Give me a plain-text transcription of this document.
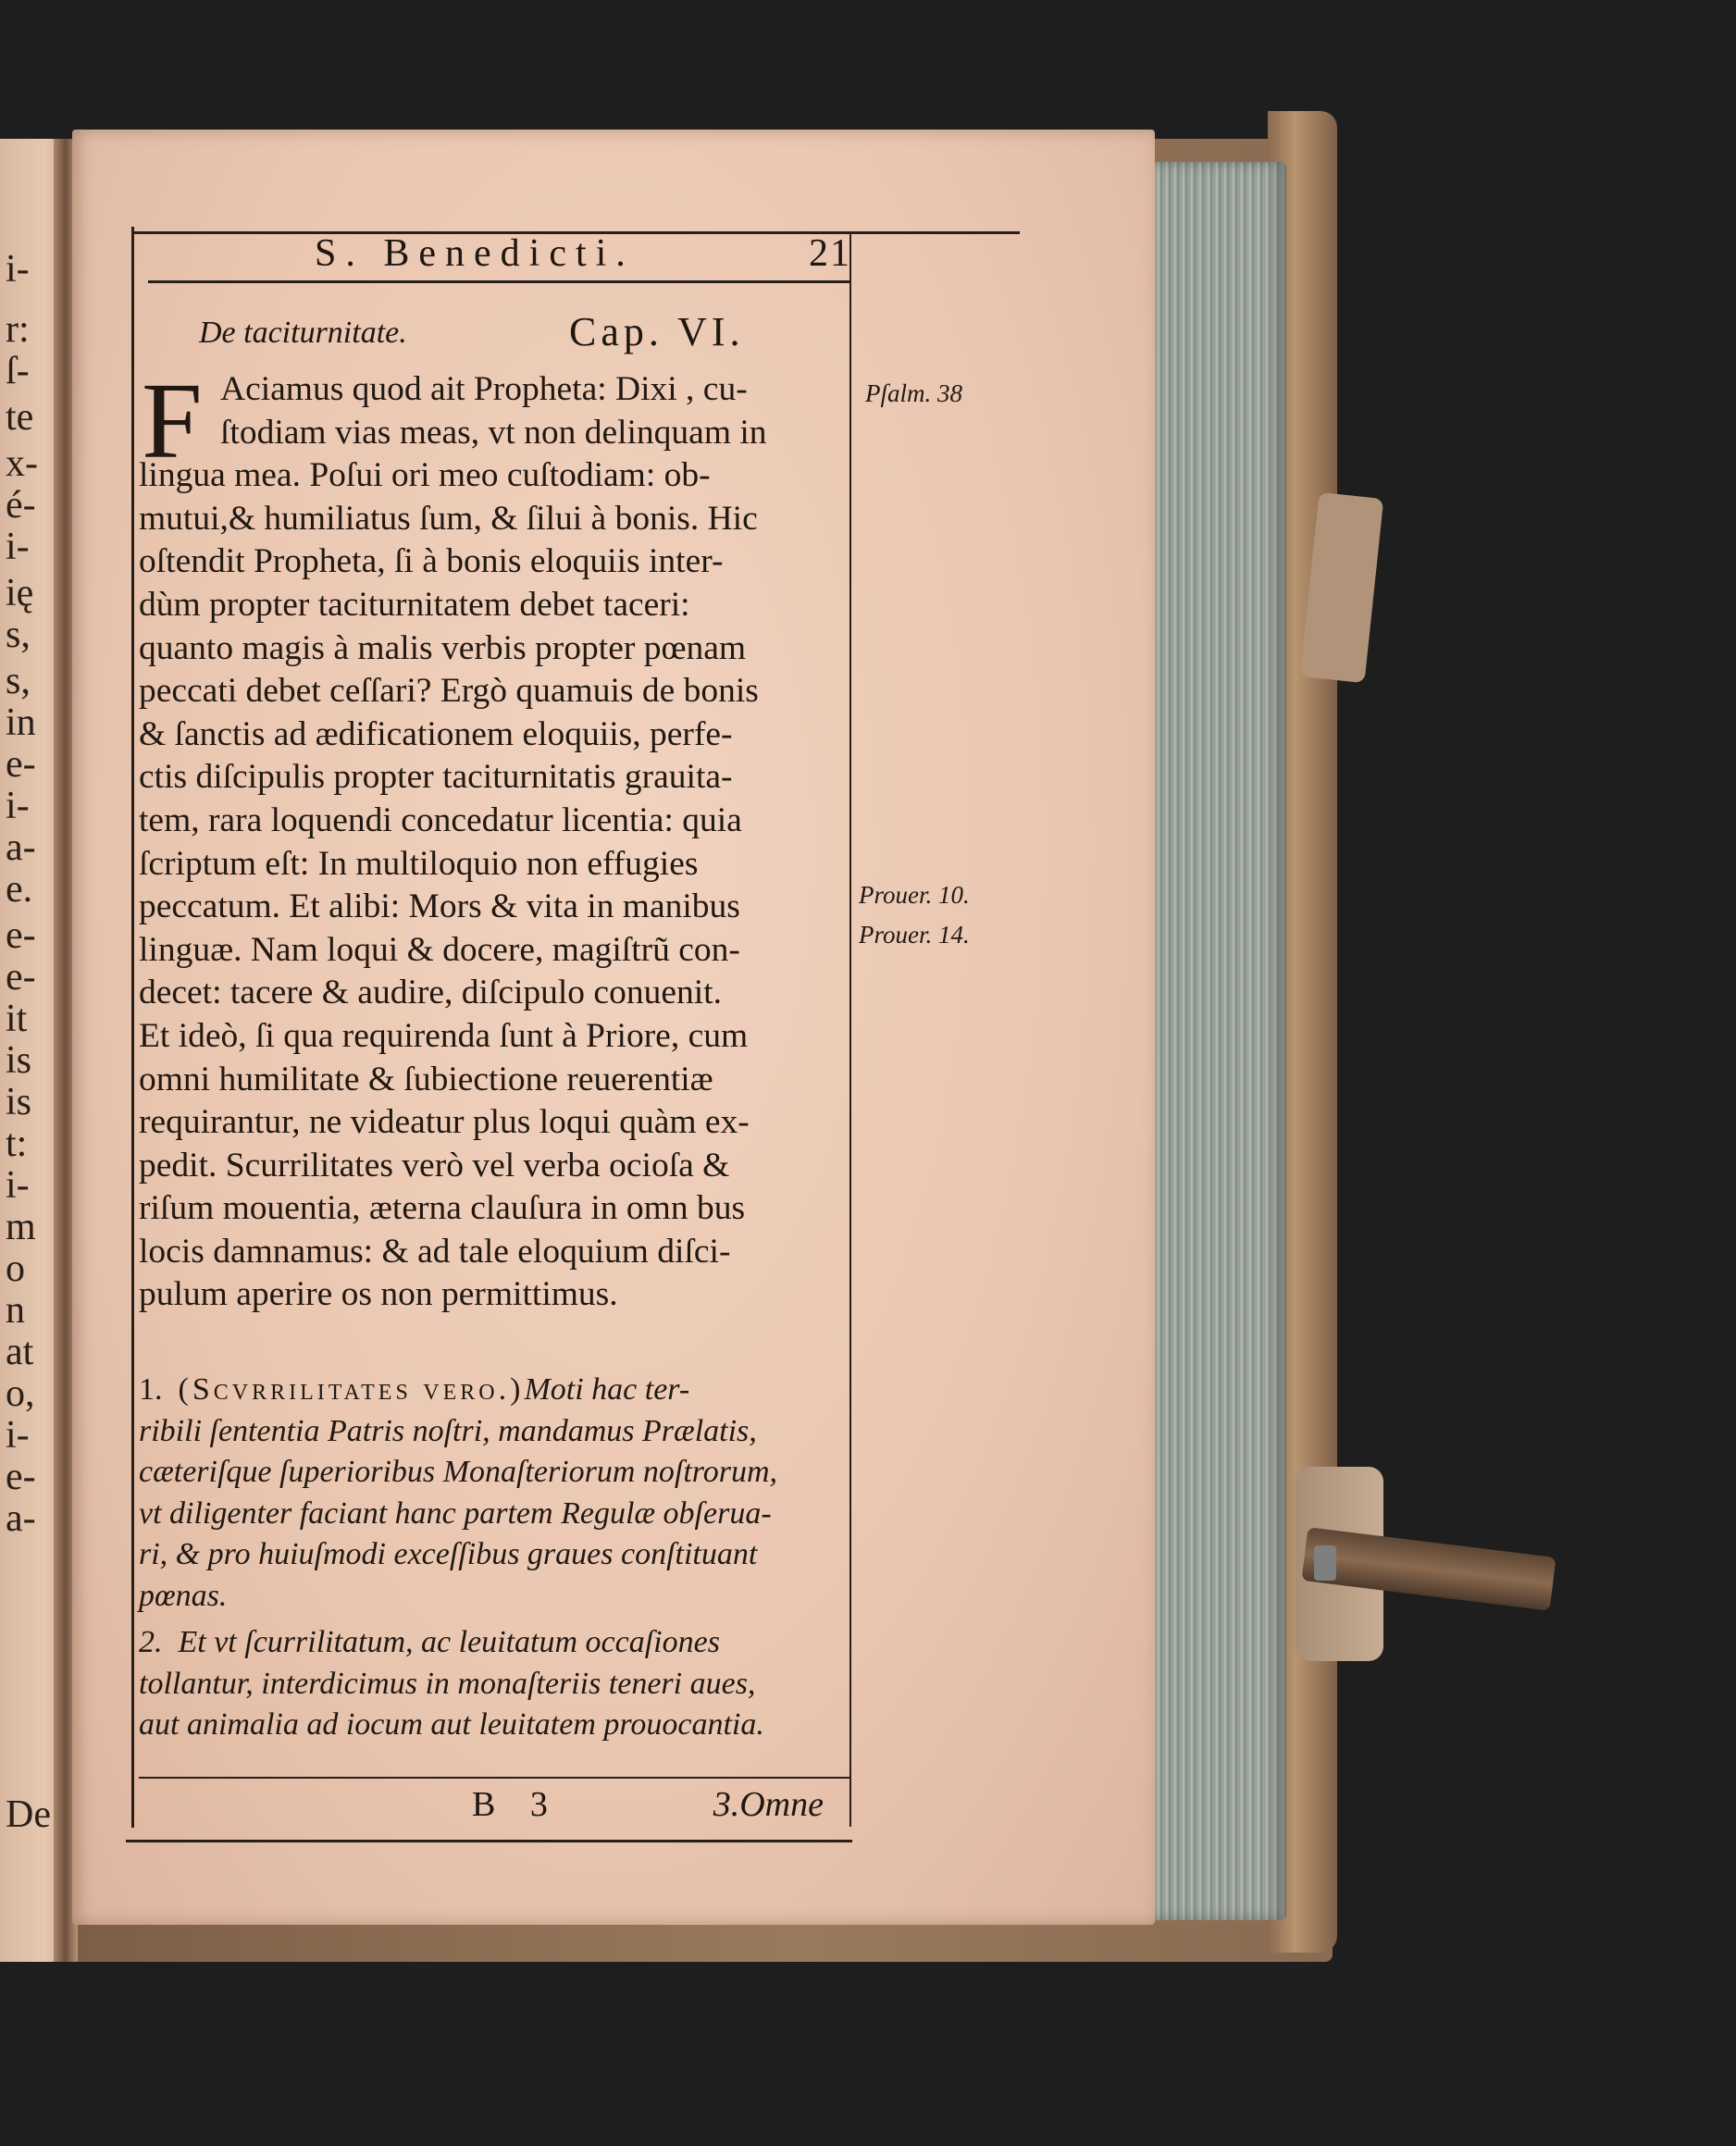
i-
r:
ſ-
te
x-
é-
i-
ię
s,
s,
in
e-
i-
a-
e.
e-
e-
it
is
is
t:
i-
m
o
n
at
o,
i-
e-
a-
De
S. Benedicti.	21
De taciturnitate.	Cap. VI.
F Aciamus quod ait Propheta: Dixi , cu-
ſtodiam vias meas, vt non delinquam in
lingua mea. Poſui ori meo cuſtodiam: ob-
mutui,& humiliatus ſum, & ſilui à bonis. Hic
oſtendit Propheta, ſi à bonis eloquiis inter-
dùm propter taciturnitatem debet taceri:
quanto magis à malis verbis propter pœnam
peccati debet ceſſari? Ergò quamuis de bonis
& ſanctis ad ædificationem eloquiis, perfe-
ctis diſcipulis propter taciturnitatis grauita-
tem, rara loquendi concedatur licentia: quia
ſcriptum eſt: In multiloquio non effugies
peccatum. Et alibi: Mors & vita in manibus
linguæ. Nam loqui & docere, magiſtrũ con-
decet: tacere & audire, diſcipulo conuenit.
Et ideò, ſi qua requirenda ſunt à Priore, cum
omni humilitate & ſubiectione reuerentiæ
requirantur, ne videatur plus loqui quàm ex-
pedit. Scurrilitates verò vel verba ocioſa &
riſum mouentia, æterna clauſura in omn bus
locis damnamus: & ad tale eloquium diſci-
pulum aperire os non permittimus.
1. (Scvrrilitates vero.)Moti hac ter-
ribili ſententia Patris noſtri, mandamus Prælatis,
cæteriſque ſuperioribus Monaſteriorum noſtrorum,
vt diligenter faciant hanc partem Regulæ obſerua-
ri, & pro huiuſmodi exceſſibus graues conſtituant
pœnas.
2. Et vt ſcurrilitatum, ac leuitatum occaſiones
tollantur, interdicimus in monaſteriis teneri aues,
aut animalia ad iocum aut leuitatem prouocantia.
B 3	3.Omne
Pſalm. 38
Prouer. 10.
Prouer. 14.
